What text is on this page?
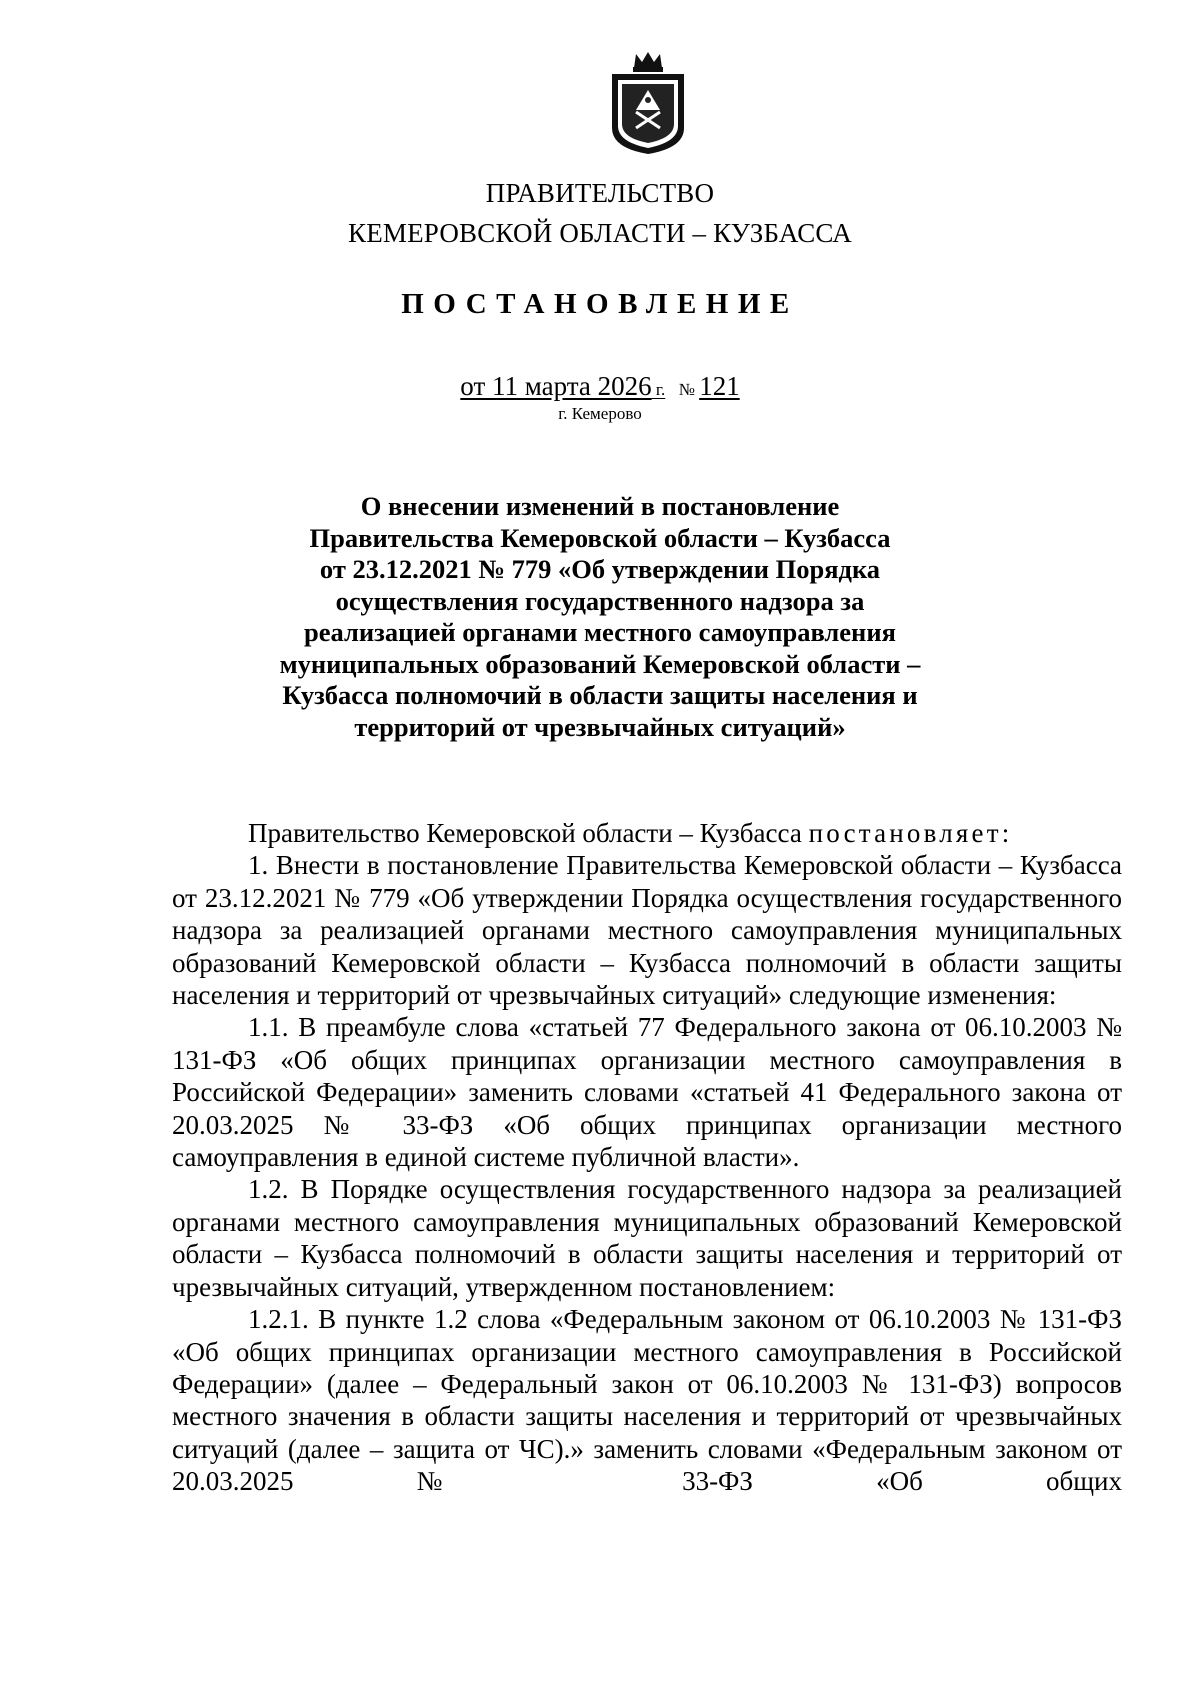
ПРАВИТЕЛЬСТВО
КЕМЕРОВСКОЙ ОБЛАСТИ – КУЗБАССА
ПОСТАНОВЛЕНИЕ
от 11 марта 2026 г. № 121
г. Кемерово
О внесении изменений в постановление
Правительства Кемеровской области – Кузбасса
от 23.12.2021 № 779 «Об утверждении Порядка
осуществления государственного надзора за
реализацией органами местного самоуправления
муниципальных образований Кемеровской области –
Кузбасса полномочий в области защиты населения и
территорий от чрезвычайных ситуаций»

Правительство Кемеровской области – Кузбасса постановляет:

1. Внести в постановление Правительства Кемеровской области – Кузбасса от 23.12.2021 № 779 «Об утверждении Порядка осуществления государственного надзора за реализацией органами местного самоуправления муниципальных образований Кемеровской области – Кузбасса полномочий в области защиты населения и территорий от чрезвычайных ситуаций» следующие изменения:

1.1. В преамбуле слова «статьей 77 Федерального закона от 06.10.2003 № 131-ФЗ «Об общих принципах организации местного самоуправления в Российской Федерации» заменить словами «статьей 41 Федерального закона от 20.03.2025 № 33-ФЗ «Об общих принципах организации местного самоуправления в единой системе публичной власти».

1.2. В Порядке осуществления государственного надзора за реализацией органами местного самоуправления муниципальных образований Кемеровской области – Кузбасса полномочий в области защиты населения и территорий от чрезвычайных ситуаций, утвержденном постановлением:

1.2.1. В пункте 1.2 слова «Федеральным законом от 06.10.2003 № 131-ФЗ «Об общих принципах организации местного самоуправления в Российской Федерации» (далее – Федеральный закон от 06.10.2003 № 131-ФЗ) вопросов местного значения в области защиты населения и территорий от чрезвычайных ситуаций (далее – защита от ЧС).» заменить словами «Федеральным законом от 20.03.2025 № 33-ФЗ «Об общих
